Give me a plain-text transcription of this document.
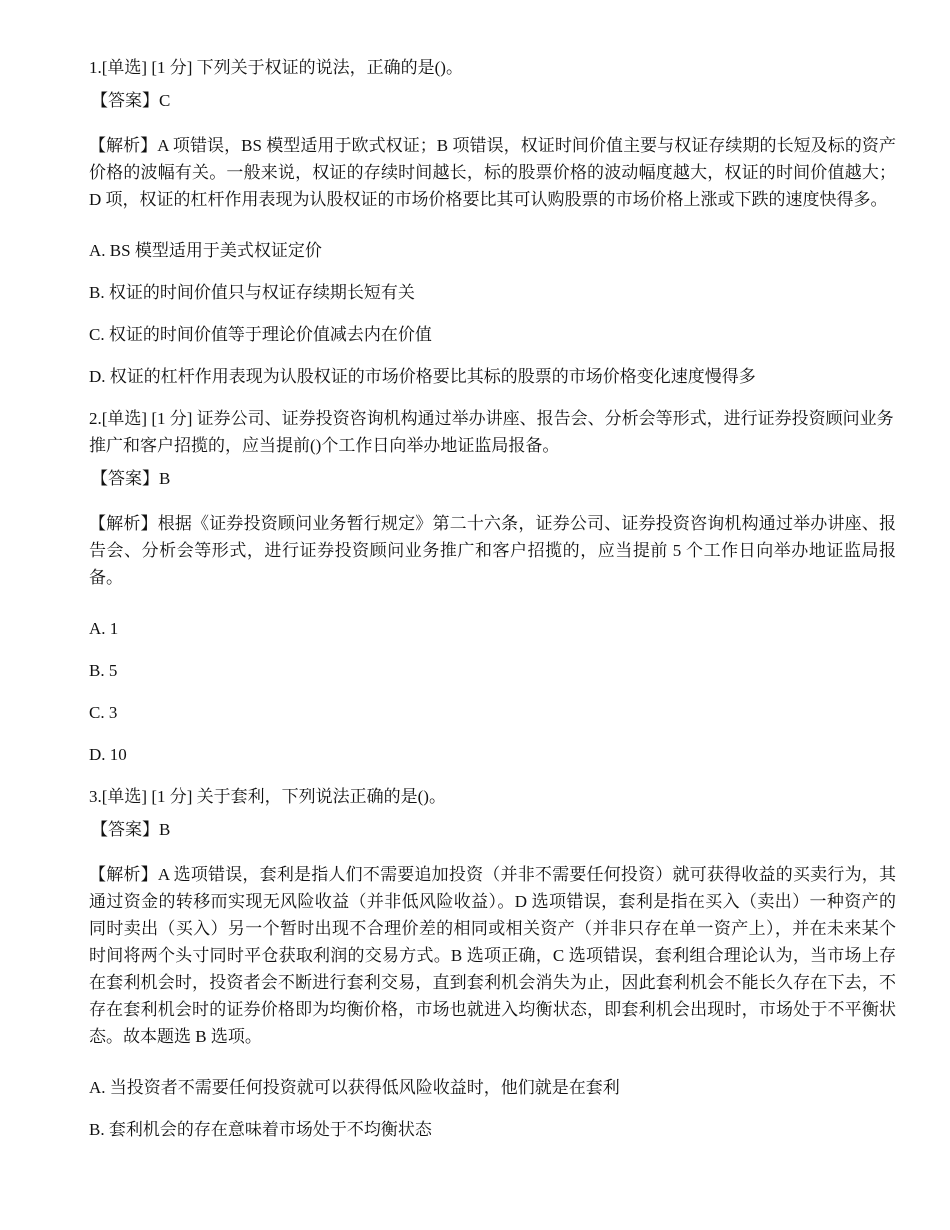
1.[单选] [1 分] 下列关于权证的说法，正确的是()。

【答案】C

【解析】A 项错误，BS 模型适用于欧式权证；B 项错误，权证时间价值主要与权证存续期的长短及标的资产价格的波幅有关。一般来说，权证的存续时间越长，标的股票价格的波动幅度越大，权证的时间价值越大；D 项，权证的杠杆作用表现为认股权证的市场价格要比其可认购股票的市场价格上涨或下跌的速度快得多。

A. BS 模型适用于美式权证定价

B. 权证的时间价值只与权证存续期长短有关

C. 权证的时间价值等于理论价值减去内在价值

D. 权证的杠杆作用表现为认股权证的市场价格要比其标的股票的市场价格变化速度慢得多

2.[单选] [1 分] 证券公司、证券投资咨询机构通过举办讲座、报告会、分析会等形式，进行证券投资顾问业务推广和客户招揽的，应当提前()个工作日向举办地证监局报备。

【答案】B

【解析】根据《证券投资顾问业务暂行规定》第二十六条，证券公司、证券投资咨询机构通过举办讲座、报告会、分析会等形式，进行证券投资顾问业务推广和客户招揽的，应当提前 5 个工作日向举办地证监局报备。

A. 1

B. 5

C. 3

D. 10

3.[单选] [1 分] 关于套利，下列说法正确的是()。

【答案】B

【解析】A 选项错误，套利是指人们不需要追加投资（并非不需要任何投资）就可获得收益的买卖行为，其通过资金的转移而实现无风险收益（并非低风险收益）。D 选项错误，套利是指在买入（卖出）一种资产的同时卖出（买入）另一个暂时出现不合理价差的相同或相关资产（并非只存在单一资产上），并在未来某个时间将两个头寸同时平仓获取利润的交易方式。B 选项正确，C 选项错误，套利组合理论认为，当市场上存在套利机会时，投资者会不断进行套利交易，直到套利机会消失为止，因此套利机会不能长久存在下去，不存在套利机会时的证券价格即为均衡价格，市场也就进入均衡状态，即套利机会出现时，市场处于不平衡状态。故本题选 B 选项。

A. 当投资者不需要任何投资就可以获得低风险收益时，他们就是在套利

B. 套利机会的存在意味着市场处于不均衡状态
